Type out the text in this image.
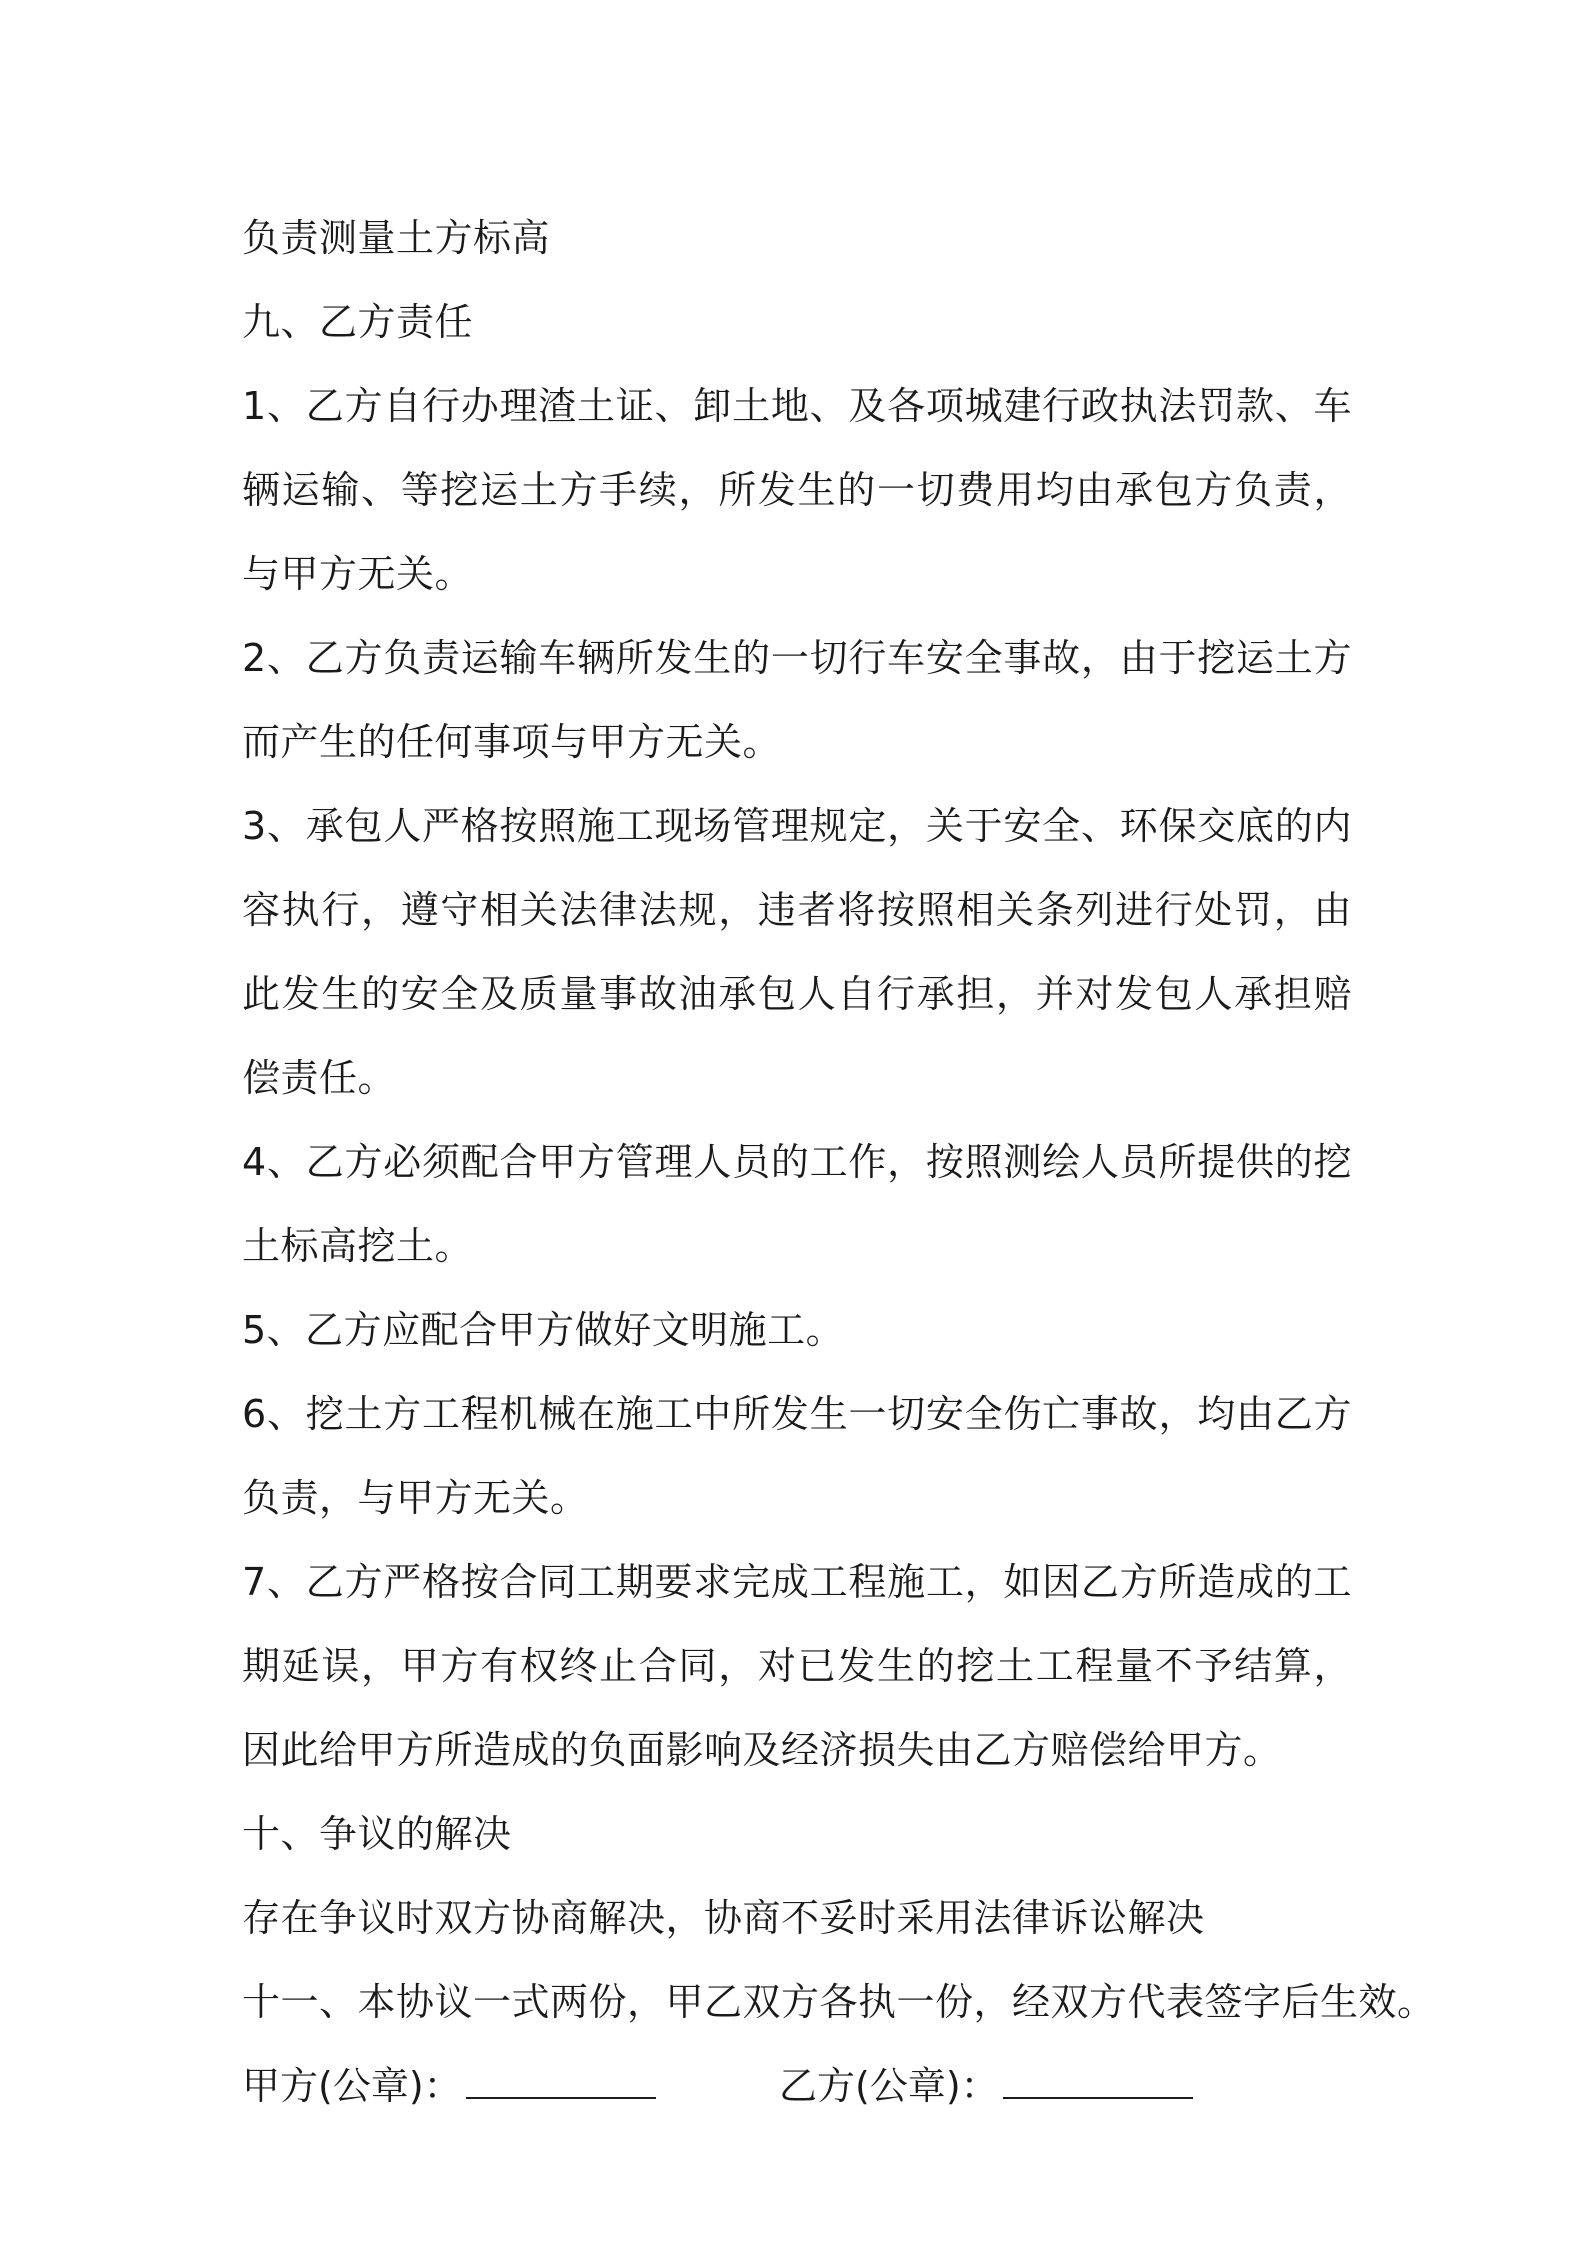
负责测量土方标高
九、乙方责任
1、乙方自行办理渣土证、卸土地、及各项城建行政执法罚款、车辆运输、等挖运土方手续，所发生的一切费用均由承包方负责，与甲方无关。
2、乙方负责运输车辆所发生的一切行车安全事故，由于挖运土方而产生的任何事项与甲方无关。
3、承包人严格按照施工现场管理规定，关于安全、环保交底的内容执行，遵守相关法律法规，违者将按照相关条列进行处罚，由此发生的安全及质量事故油承包人自行承担，并对发包人承担赔偿责任。
4、乙方必须配合甲方管理人员的工作，按照测绘人员所提供的挖土标高挖土。
5、乙方应配合甲方做好文明施工。
6、挖土方工程机械在施工中所发生一切安全伤亡事故，均由乙方负责，与甲方无关。
7、乙方严格按合同工期要求完成工程施工，如因乙方所造成的工期延误，甲方有权终止合同，对已发生的挖土工程量不予结算，因此给甲方所造成的负面影响及经济损失由乙方赔偿给甲方。
十、争议的解决
存在争议时双方协商解决，协商不妥时采用法律诉讼解决
十一、本协议一式两份，甲乙双方各执一份，经双方代表签字后生效。
甲方(公章)：	乙方(公章)：
